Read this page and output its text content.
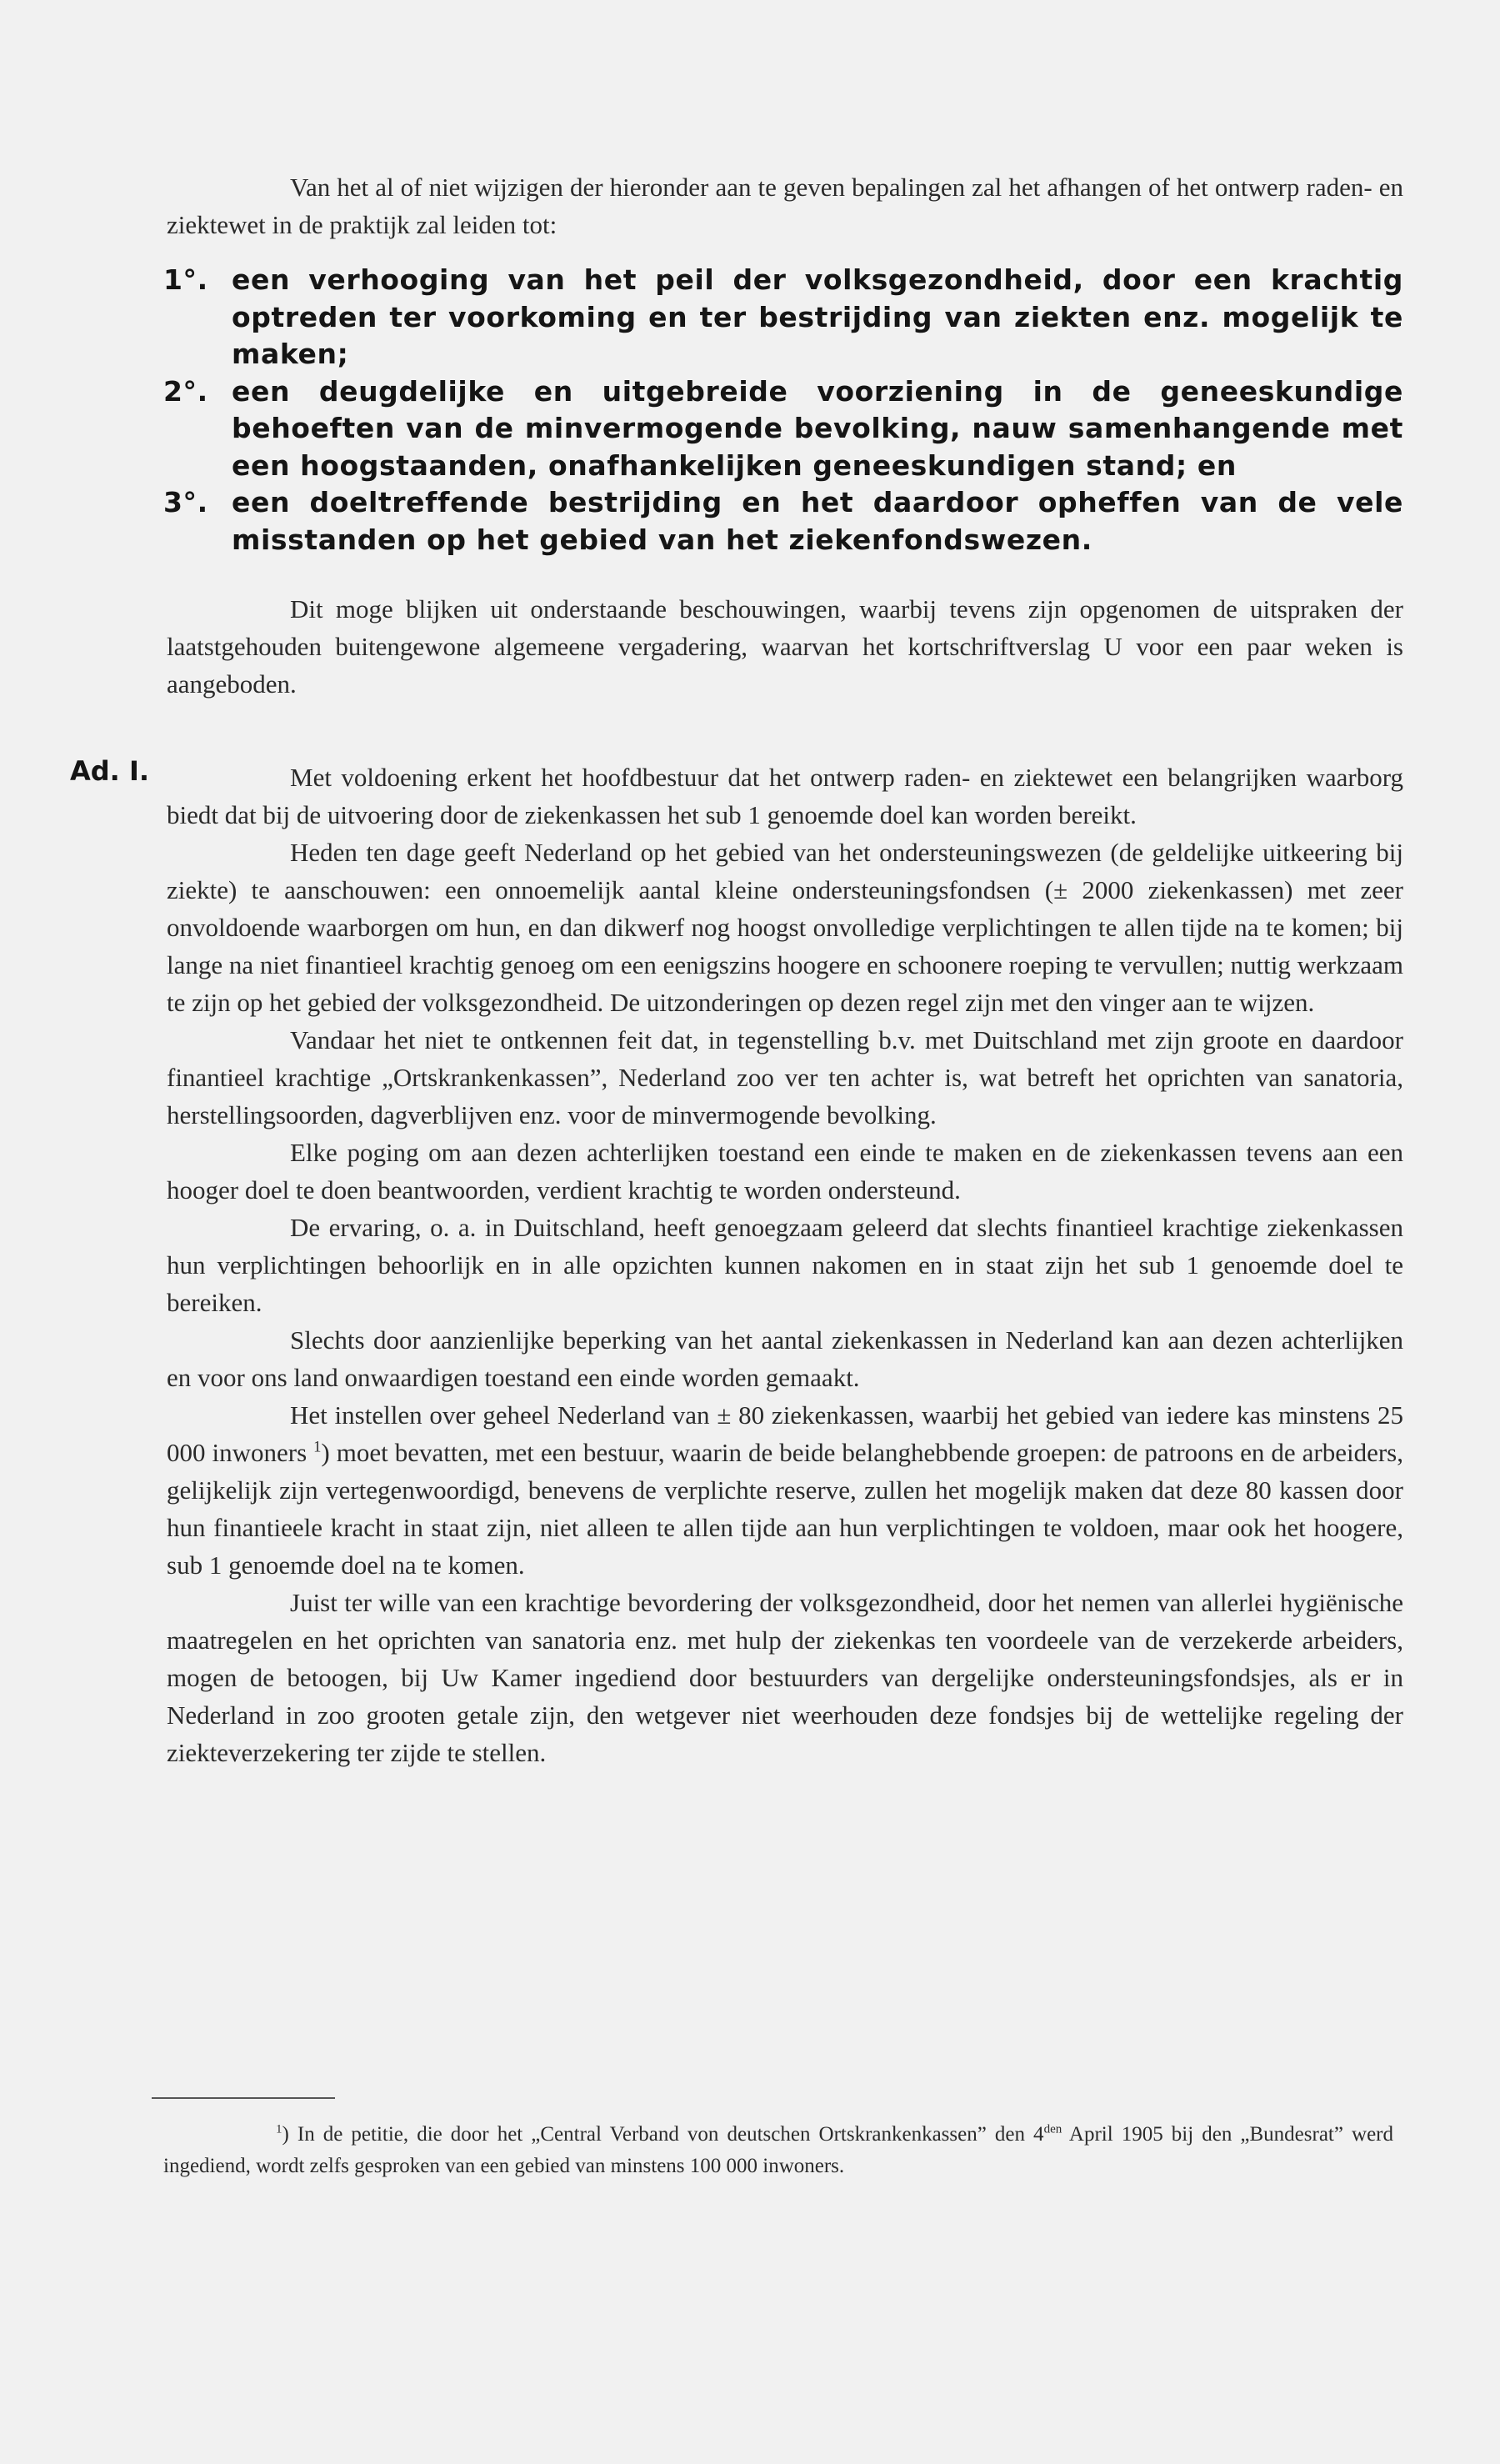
Van het al of niet wijzigen der hieronder aan te geven bepalingen zal het afhangen of het ontwerp raden- en ziektewet in de praktijk zal leiden tot:

1°. een verhooging van het peil der volksgezondheid, door een krachtig optreden ter voorkoming en ter bestrijding van ziekten enz. mogelijk te maken;
2°. een deugdelijke en uitgebreide voorziening in de geneeskundige behoeften van de minvermogende bevolking, nauw samenhangende met een hoogstaanden, onafhankelijken geneeskundigen stand; en
3°. een doeltreffende bestrijding en het daardoor opheffen van de vele misstanden op het gebied van het ziekenfondswezen.

Dit moge blijken uit onderstaande beschouwingen, waarbij tevens zijn opgenomen de uitspraken der laatstgehouden buitengewone algemeene vergadering, waarvan het kortschriftverslag U voor een paar weken is aangeboden.

Ad. I.	Met voldoening erkent het hoofdbestuur dat het ontwerp raden- en ziektewet een belangrijken waarborg biedt dat bij de uitvoering door de ziekenkassen het sub 1 genoemde doel kan worden bereikt.

Heden ten dage geeft Nederland op het gebied van het ondersteuningswezen (de geldelijke uitkeering bij ziekte) te aanschouwen: een onnoemelijk aantal kleine ondersteuningsfondsen (± 2000 ziekenkassen) met zeer onvoldoende waarborgen om hun, en dan dikwerf nog hoogst onvolledige verplichtingen te allen tijde na te komen; bij lange na niet finantieel krachtig genoeg om een eenigszins hoogere en schoonere roeping te vervullen; nuttig werkzaam te zijn op het gebied der volksgezondheid. De uitzonderingen op dezen regel zijn met den vinger aan te wijzen.

Vandaar het niet te ontkennen feit dat, in tegenstelling b.v. met Duitschland met zijn groote en daardoor finantieel krachtige „Ortskrankenkassen”, Nederland zoo ver ten achter is, wat betreft het oprichten van sanatoria, herstellingsoorden, dagverblijven enz. voor de minvermogende bevolking.

Elke poging om aan dezen achterlijken toestand een einde te maken en de ziekenkassen tevens aan een hooger doel te doen beantwoorden, verdient krachtig te worden ondersteund.

De ervaring, o. a. in Duitschland, heeft genoegzaam geleerd dat slechts finantieel krachtige ziekenkassen hun verplichtingen behoorlijk en in alle opzichten kunnen nakomen en in staat zijn het sub 1 genoemde doel te bereiken.

Slechts door aanzienlijke beperking van het aantal ziekenkassen in Nederland kan aan dezen achterlijken en voor ons land onwaardigen toestand een einde worden gemaakt.

Het instellen over geheel Nederland van ± 80 ziekenkassen, waarbij het gebied van iedere kas minstens 25 000 inwoners $^1$) moet bevatten, met een bestuur, waarin de beide belanghebbende groepen: de patroons en de arbeiders, gelijkelijk zijn vertegenwoordigd, benevens de verplichte reserve, zullen het mogelijk maken dat deze 80 kassen door hun finantieele kracht in staat zijn, niet alleen te allen tijde aan hun verplichtingen te voldoen, maar ook het hoogere, sub 1 genoemde doel na te komen.

Juist ter wille van een krachtige bevordering der volksgezondheid, door het nemen van allerlei hygiënische maatregelen en het oprichten van sanatoria enz. met hulp der ziekenkas ten voordeele van de verzekerde arbeiders, mogen de betoogen, bij Uw Kamer ingediend door bestuurders van dergelijke ondersteuningsfondsjes, als er in Nederland in zoo grooten getale zijn, den wetgever niet weerhouden deze fondsjes bij de wettelijke regeling der ziekteverzekering ter zijde te stellen.

$^1$) In de petitie, die door het „Central Verband von deutschen Ortskrankenkassen” den $4^{den}$ April 1905 bij den „Bundesrat” werd ingediend, wordt zelfs gesproken van een gebied van minstens 100 000 inwoners.
